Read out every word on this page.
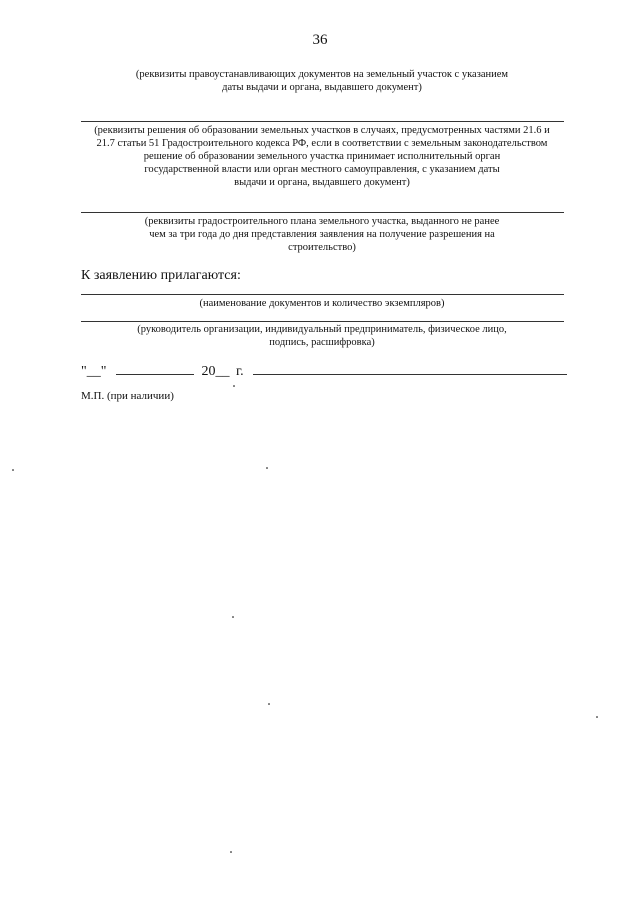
36
(реквизиты правоустанавливающих документов на земельный участок с указанием
даты выдачи и органа, выдавшего документ)
(реквизиты решения об образовании земельных участков в случаях, предусмотренных частями 21.6 и
21.7 статьи 51 Градостроительного кодекса РФ, если в соответствии с земельным законодательством
решение об образовании земельного участка принимает исполнительный орган
государственной власти или орган местного самоуправления, с указанием даты
выдачи и органа, выдавшего документ)
(реквизиты градостроительного плана земельного участка, выданного не ранее
чем за три года до дня представления заявления на получение разрешения на
строительство)
К заявлению прилагаются:
(наименование документов и количество экземпляров)
(руководитель организации, индивидуальный предприниматель, физическое лицо,
подпись, расшифровка)
"__"	20__ г.
М.П. (при наличии)
